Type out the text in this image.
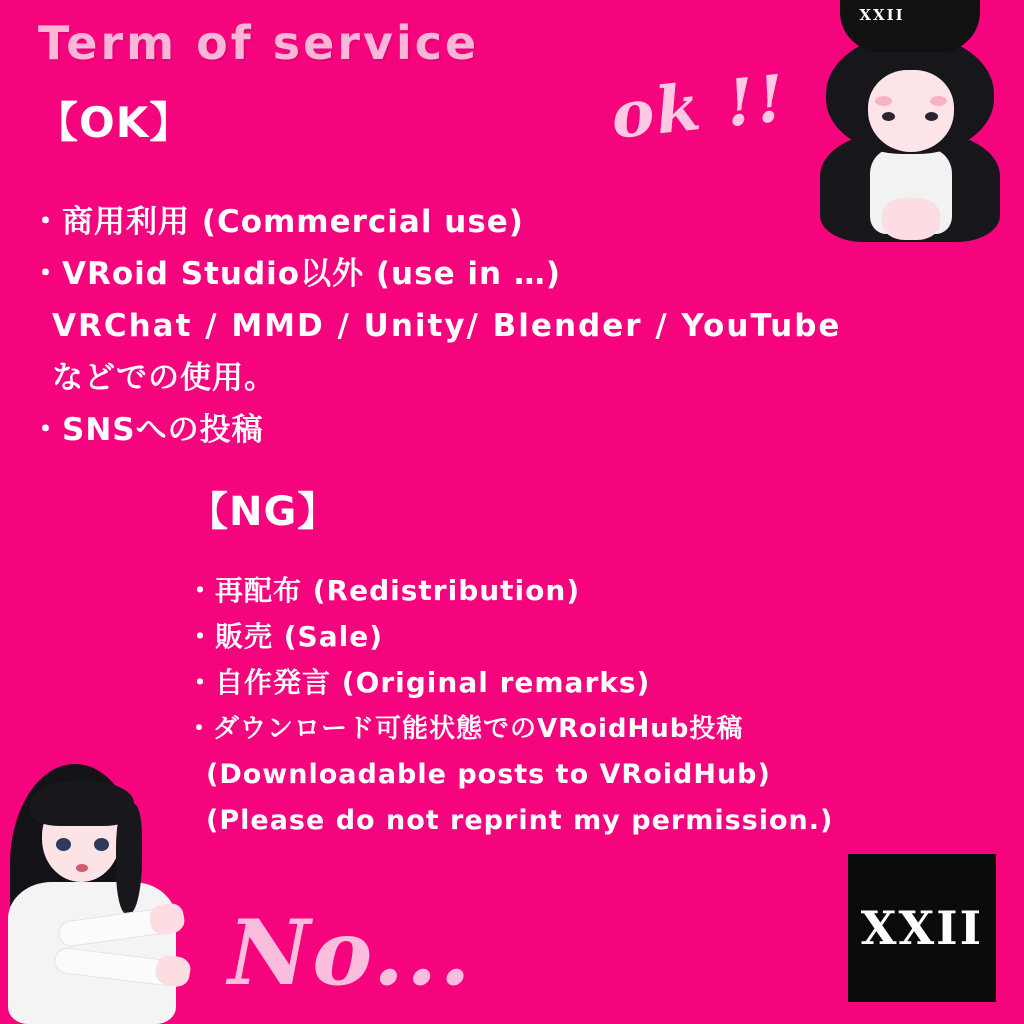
Term of service
【OK】	ok !!
・商用利用 (Commercial use)
・VRoid Studio以外 (use in …)
VRChat / MMD / Unity/ Blender / YouTube
などでの使用。
・SNSへの投稿
【NG】
・再配布 (Redistribution)
・販売 (Sale)
・自作発言 (Original remarks)
・ダウンロード可能状態でのVRoidHub投稿
(Downloadable posts to VRoidHub)
(Please do not reprint my permission.)
No...
XXII
XXII
